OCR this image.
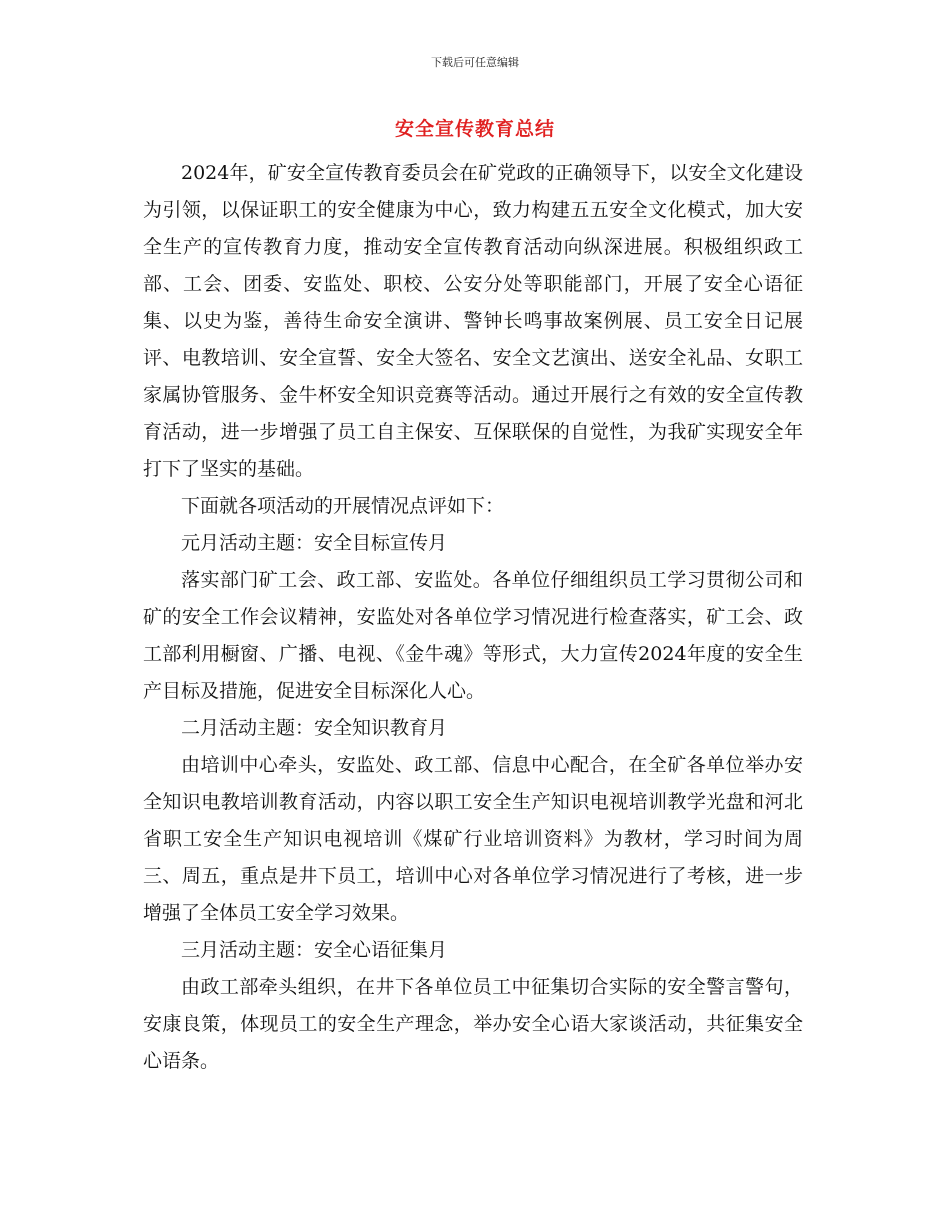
下载后可任意编辑
安全宣传教育总结

2024年，矿安全宣传教育委员会在矿党政的正确领导下，以安全文化建设为引领，以保证职工的安全健康为中心，致力构建五五安全文化模式，加大安全生产的宣传教育力度，推动安全宣传教育活动向纵深进展。积极组织政工部、工会、团委、安监处、职校、公安分处等职能部门，开展了安全心语征集、以史为鉴，善待生命安全演讲、警钟长鸣事故案例展、员工安全日记展评、电教培训、安全宣誓、安全大签名、安全文艺演出、送安全礼品、女职工家属协管服务、金牛杯安全知识竞赛等活动。通过开展行之有效的安全宣传教育活动，进一步增强了员工自主保安、互保联保的自觉性，为我矿实现安全年打下了坚实的基础。

下面就各项活动的开展情况点评如下：

元月活动主题：安全目标宣传月

落实部门矿工会、政工部、安监处。各单位仔细组织员工学习贯彻公司和矿的安全工作会议精神，安监处对各单位学习情况进行检查落实，矿工会、政工部利用橱窗、广播、电视、《金牛魂》等形式，大力宣传2024年度的安全生产目标及措施，促进安全目标深化人心。

二月活动主题：安全知识教育月

由培训中心牵头，安监处、政工部、信息中心配合，在全矿各单位举办安全知识电教培训教育活动，内容以职工安全生产知识电视培训教学光盘和河北省职工安全生产知识电视培训《煤矿行业培训资料》为教材，学习时间为周三、周五，重点是井下员工，培训中心对各单位学习情况进行了考核，进一步增强了全体员工安全学习效果。

三月活动主题：安全心语征集月

由政工部牵头组织，在井下各单位员工中征集切合实际的安全警言警句，安康良策，体现员工的安全生产理念，举办安全心语大家谈活动，共征集安全心语条。
